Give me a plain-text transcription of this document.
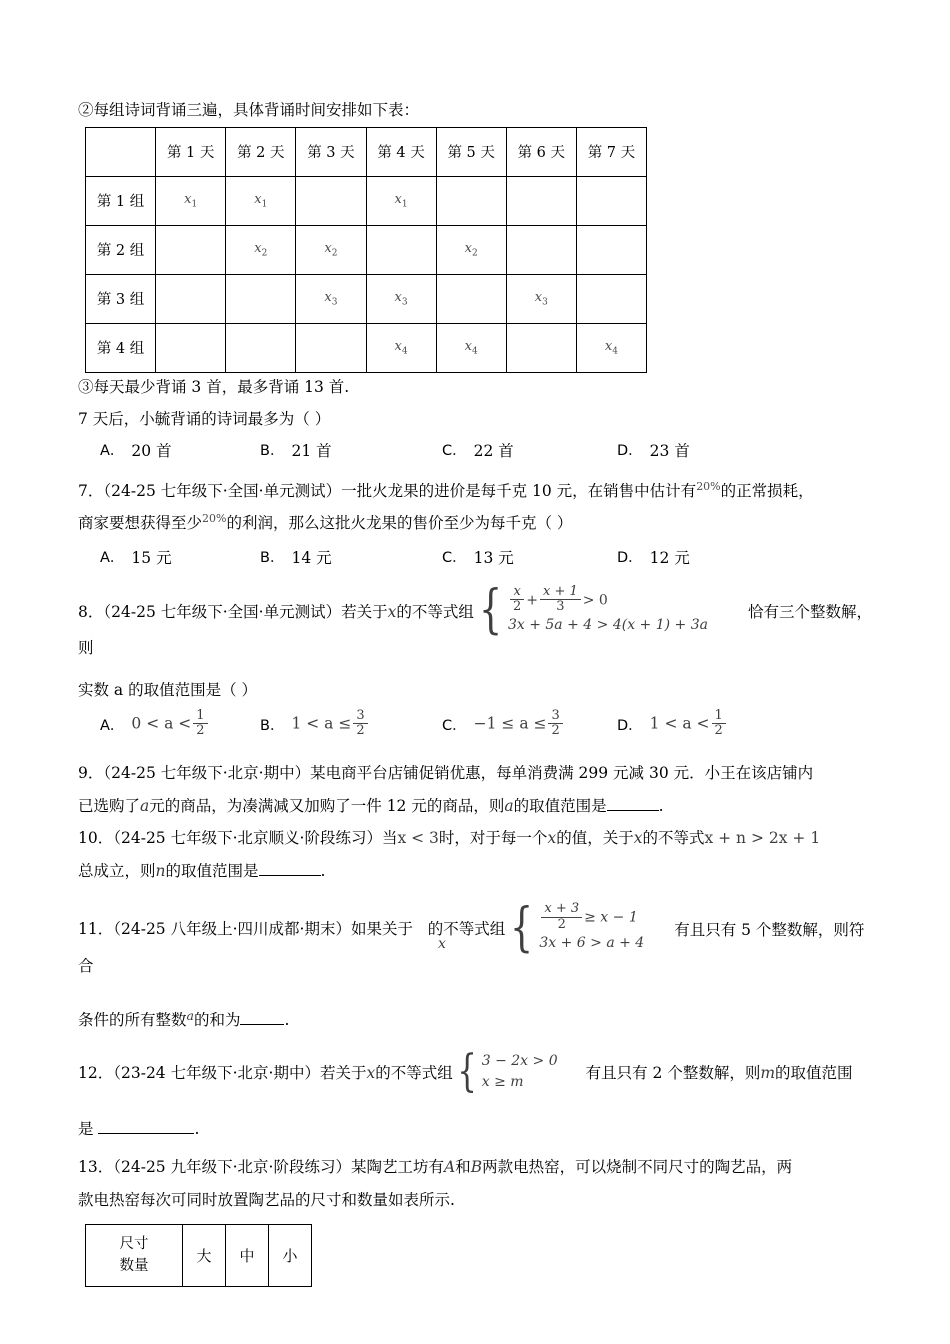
②每组诗词背诵三遍，具体背诵时间安排如下表：
	第 1 天	第 2 天	第 3 天	第 4 天	第 5 天	第 6 天	第 7 天
第 1 组	$x_1$	$x_1$		$x_1$			
第 2 组		$x_2$	$x_2$		$x_2$		
第 3 组			$x_3$	$x_3$		$x_3$	
第 4 组				$x_4$	$x_4$		$x_4$
③每天最少背诵 3 首，最多背诵 13 首.
7 天后，小毓背诵的诗词最多为（ ）
A． 20 首	B． 21 首	C． 22 首	D． 23 首
7．（24-25 七年级下·全国·单元测试）一批火龙果的进价是每千克 10 元，在销售中估计有$^{20\%}$的正常损耗，
商家要想获得至少$^{20\%}$的利润，那么这批火龙果的售价至少为每千克（ ）
A． 15 元	B． 14 元	C． 13 元	D． 12 元
8．（24-25 七年级下·全国·单元测试）若关于x的不等式组 { $\frac{x}{2} + \frac{x + 1}{3} > 0$
3x + 5a + 4 > 4(x + 1) + 3a
恰有三个整数解，则
实数 a 的取值范围是（ ）
A． $0 < a < \frac{1}{2}$	B． $1 < a \le \frac{3}{2}$	C． $-1 \le a \le \frac{3}{2}$	D． $1 < a < \frac{1}{2}$
9．（24-25 七年级下·北京·期中）某电商平台店铺促销优惠，每单消费满 299 元减 30 元．小王在该店铺内
已选购了a元的商品，为凑满减又加购了一件 12 元的商品，则a的取值范围是	.
10．（24-25 七年级下·北京顺义·阶段练习）当x < 3时，对于每一个x的值，关于x的不等式x + n > 2x + 1
总成立，则n的取值范围是	.
11．（24-25 八年级上·四川成都·期末）如果关于 的不等式组 { $\frac{x + 3}{2} \ge x - 1$
3x + 6 > a + 4
有且只有 5 个整数解，则符合
x
条件的所有整数$^a$的和为	.
12．（23-24 七年级下·北京·期中）若关于x的不等式组 { 3 − 2x > 0
x ≥ m	有且只有 2 个整数解，则m的取值范围
是	.
13．（24-25 九年级下·北京·阶段练习）某陶艺工坊有A和B两款电热窑，可以烧制不同尺寸的陶艺品，两
款电热窑每次可同时放置陶艺品的尺寸和数量如表所示.
尺寸
数量
	大	中	小
